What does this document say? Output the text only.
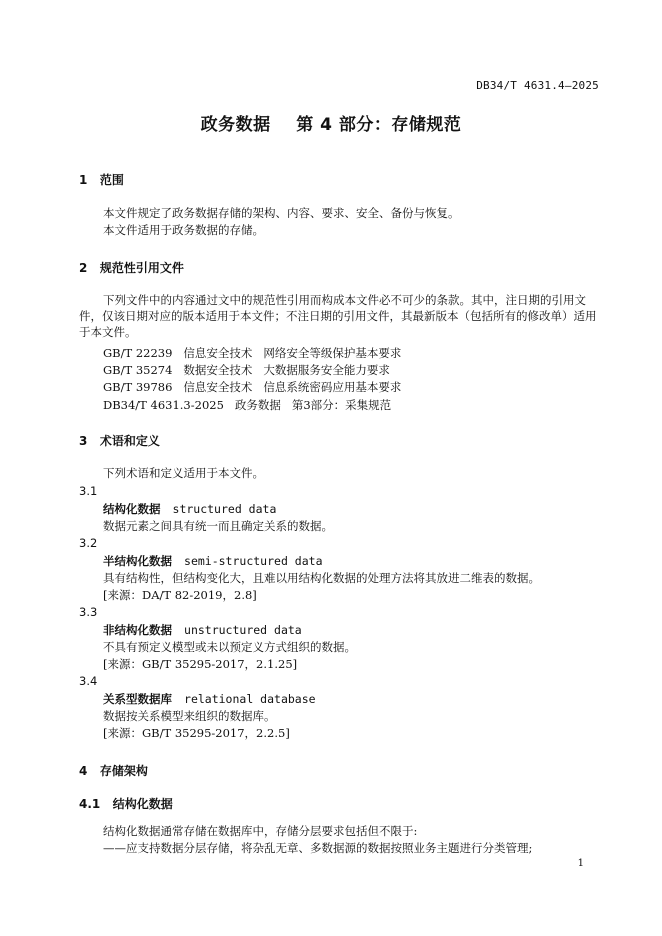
DB34/T 4631.4—2025
政务数据    第 4 部分：存储规范
1   范围
本文件规定了政务数据存储的架构、内容、要求、安全、备份与恢复。
本文件适用于政务数据的存储。
2   规范性引用文件
下列文件中的内容通过文中的规范性引用而构成本文件必不可少的条款。其中，注日期的引用文件，仅该日期对应的版本适用于本文件；不注日期的引用文件，其最新版本（包括所有的修改单）适用于本文件。
GB/T 22239   信息安全技术   网络安全等级保护基本要求
GB/T 35274   数据安全技术   大数据服务安全能力要求
GB/T 39786   信息安全技术   信息系统密码应用基本要求
DB34/T 4631.3-2025   政务数据   第3部分：采集规范
3   术语和定义
下列术语和定义适用于本文件。
3.1
结构化数据 structured data
数据元素之间具有统一而且确定关系的数据。
3.2
半结构化数据 semi-structured data
具有结构性，但结构变化大，且难以用结构化数据的处理方法将其放进二维表的数据。
[来源：DA/T 82-2019，2.8]
3.3
非结构化数据 unstructured data
不具有预定义模型或未以预定义方式组织的数据。
[来源：GB/T 35295-2017，2.1.25]
3.4
关系型数据库 relational database
数据按关系模型来组织的数据库。
[来源：GB/T 35295-2017，2.2.5]
4   存储架构
4.1   结构化数据
结构化数据通常存储在数据库中，存储分层要求包括但不限于:
——应支持数据分层存储，将杂乱无章、多数据源的数据按照业务主题进行分类管理;
1
